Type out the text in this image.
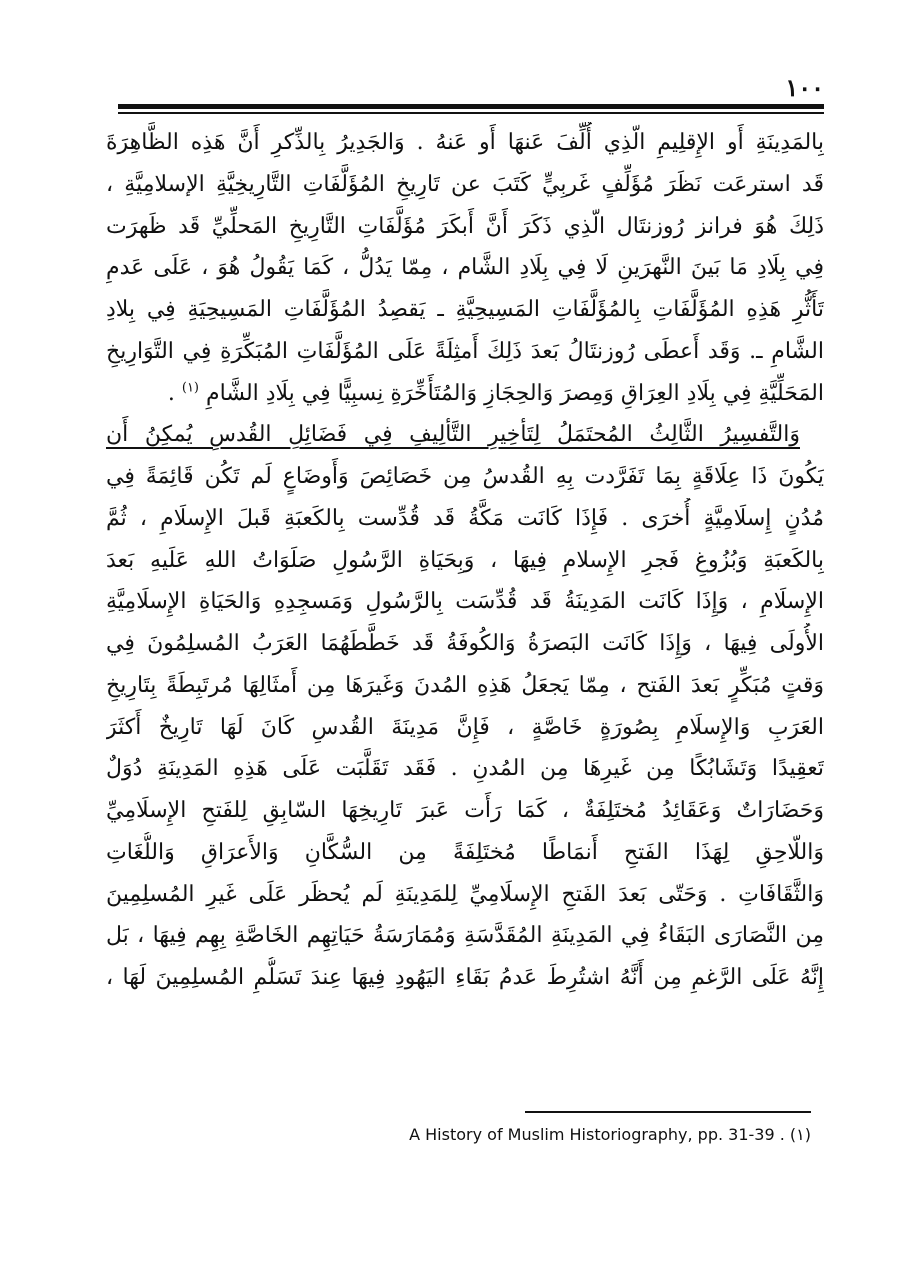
١٠٠
بِالمَدِينَةِ أَو الإِقلِيمِ الّذِي أُلِّفَ عَنهَا أَو عَنهُ . وَالجَدِيرُ بِالذِّكرِ أَنَّ هَذِه الظَّاهِرَةَ
قَد استرعَت نَظَرَ مُؤَلِّفٍ غَربِيٍّ كَتَبَ عن تَارِيخِ المُؤَلَّفَاتِ التَّارِيخِيَّةِ الإسلامِيَّةِ ،
ذَلِكَ هُوَ فرانز رُوزنتَال الّذِي ذَكَرَ أَنَّ أَبكَرَ مُؤَلَّفَاتِ التَّارِيخِ المَحلِّيِّ قَد ظَهرَت
فِي بِلَادِ مَا بَينَ النَّهرَينِ لَا فِي بِلَادِ الشَّام ، مِمّا يَدُلُّ ، كَمَا يَقُولُ هُوَ ، عَلَى عَدمِ
تَأَثُّرِ هَذِهِ المُؤَلَّفَاتِ بِالمُؤَلَّفَاتِ المَسِيحِيَّةِ ـ يَقصِدُ المُؤَلَّفَاتِ المَسِيحِيَةِ فِي بِلادِ
الشَّامِ ـ. وَقَد أَعطَى رُوزنتَالُ بَعدَ ذَلِكَ أَمثِلَةً عَلَى المُؤَلَّفَاتِ المُبَكِّرَةِ فِي التَّوَارِيخِ
المَحَلِّيَّةِ فِي بِلَادِ العِرَاقِ وَمِصرَ وَالحِجَازِ وَالمُتَأَخِّرَةِ نِسبِيًّا فِي بِلَادِ الشَّامِ $^{(١)}$ .
وَالتَّفسِيرُ الثَّالِثُ المُحتَمَلُ لِتَأخِيرِ التَّألِيفِ فِي فَضَائِلِ القُدسِ يُمكِنُ أَن
يَكُونَ ذَا عِلَاقَةٍ بِمَا تَفَرَّدت بِهِ القُدسُ مِن خَصَائِصَ وَأَوضَاعٍ لَم تَكُن قَائِمَةً فِي
مُدُنٍ إِسلَامِيَّةٍ أُخرَى . فَإِذَا كَانَت مَكَّةُ قَد قُدِّست بِالكَعبَةِ قَبلَ الإِسلَامِ ، ثُمَّ
بِالكَعبَةِ وَبُزُوغِ فَجرِ الإِسلامِ فِيهَا ، وَبِحَيَاةِ الرَّسُولِ صَلَوَاتُ اللهِ عَلَيهِ بَعدَ
الإِسلَامِ ، وَإِذَا كَانَت المَدِينَةُ قَد قُدِّسَت بِالرَّسُولِ وَمَسجِدِهِ وَالحَيَاةِ الإِسلَامِيَّةِ
الأُولَى فِيهَا ، وَإِذَا كَانَت البَصرَةُ وَالكُوفَةُ قَد خَطَّطَهُمَا العَرَبُ المُسلِمُونَ فِي
وَقتٍ مُبَكِّرٍ بَعدَ الفَتح ، مِمّا يَجعَلُ هَذِهِ المُدنَ وَغَيرَهَا مِن أَمثَالِهَا مُرتَبِطَةً بِتَارِيخِ
العَرَبِ وَالإِسلَامِ بِصُورَةٍ خَاصَّةٍ ، فَإِنَّ مَدِينَةَ القُدسِ كَانَ لَهَا تَارِيخٌ أَكثَرَ
تَعقِيدًا وَتَشَابُكًا مِن غَيرِهَا مِن المُدنِ . فَقَد تَقَلَّبَت عَلَى هَذِهِ المَدِينَةِ دُوَلٌ
وَحَضَارَاتٌ وَعَقَائِدُ مُختَلِفَةٌ ، كَمَا رَأَت عَبرَ تَارِيخِهَا السّابِقِ لِلفَتحِ الإِسلَامِيِّ
وَاللّاحِقِ لِهَذَا الفَتحِ أَنمَاطًا مُختَلِفَةً مِن السُّكَّانِ وَالأَعرَاقِ وَاللُّغَاتِ
وَالثَّقَافَاتِ . وَحَتّى بَعدَ الفَتحِ الإِسلَامِيِّ لِلمَدِينَةِ لَم يُحظَر عَلَى غَيرِ المُسلِمِينَ
مِن النَّصَارَى البَقَاءُ فِي المَدِينَةِ المُقَدَّسَةِ وَمُمَارَسَةُ حَيَاتِهِم الخَاصَّةِ بِهِم فِيهَا ، بَل
إِنَّهُ عَلَى الرَّغمِ مِن أَنَّهُ اشتُرِطَ عَدمُ بَقَاءِ اليَهُودِ فِيهَا عِندَ تَسَلُّمِ المُسلِمِينَ لَهَا ،
(١) A History of Muslim Historiography, pp. 31-39 .
